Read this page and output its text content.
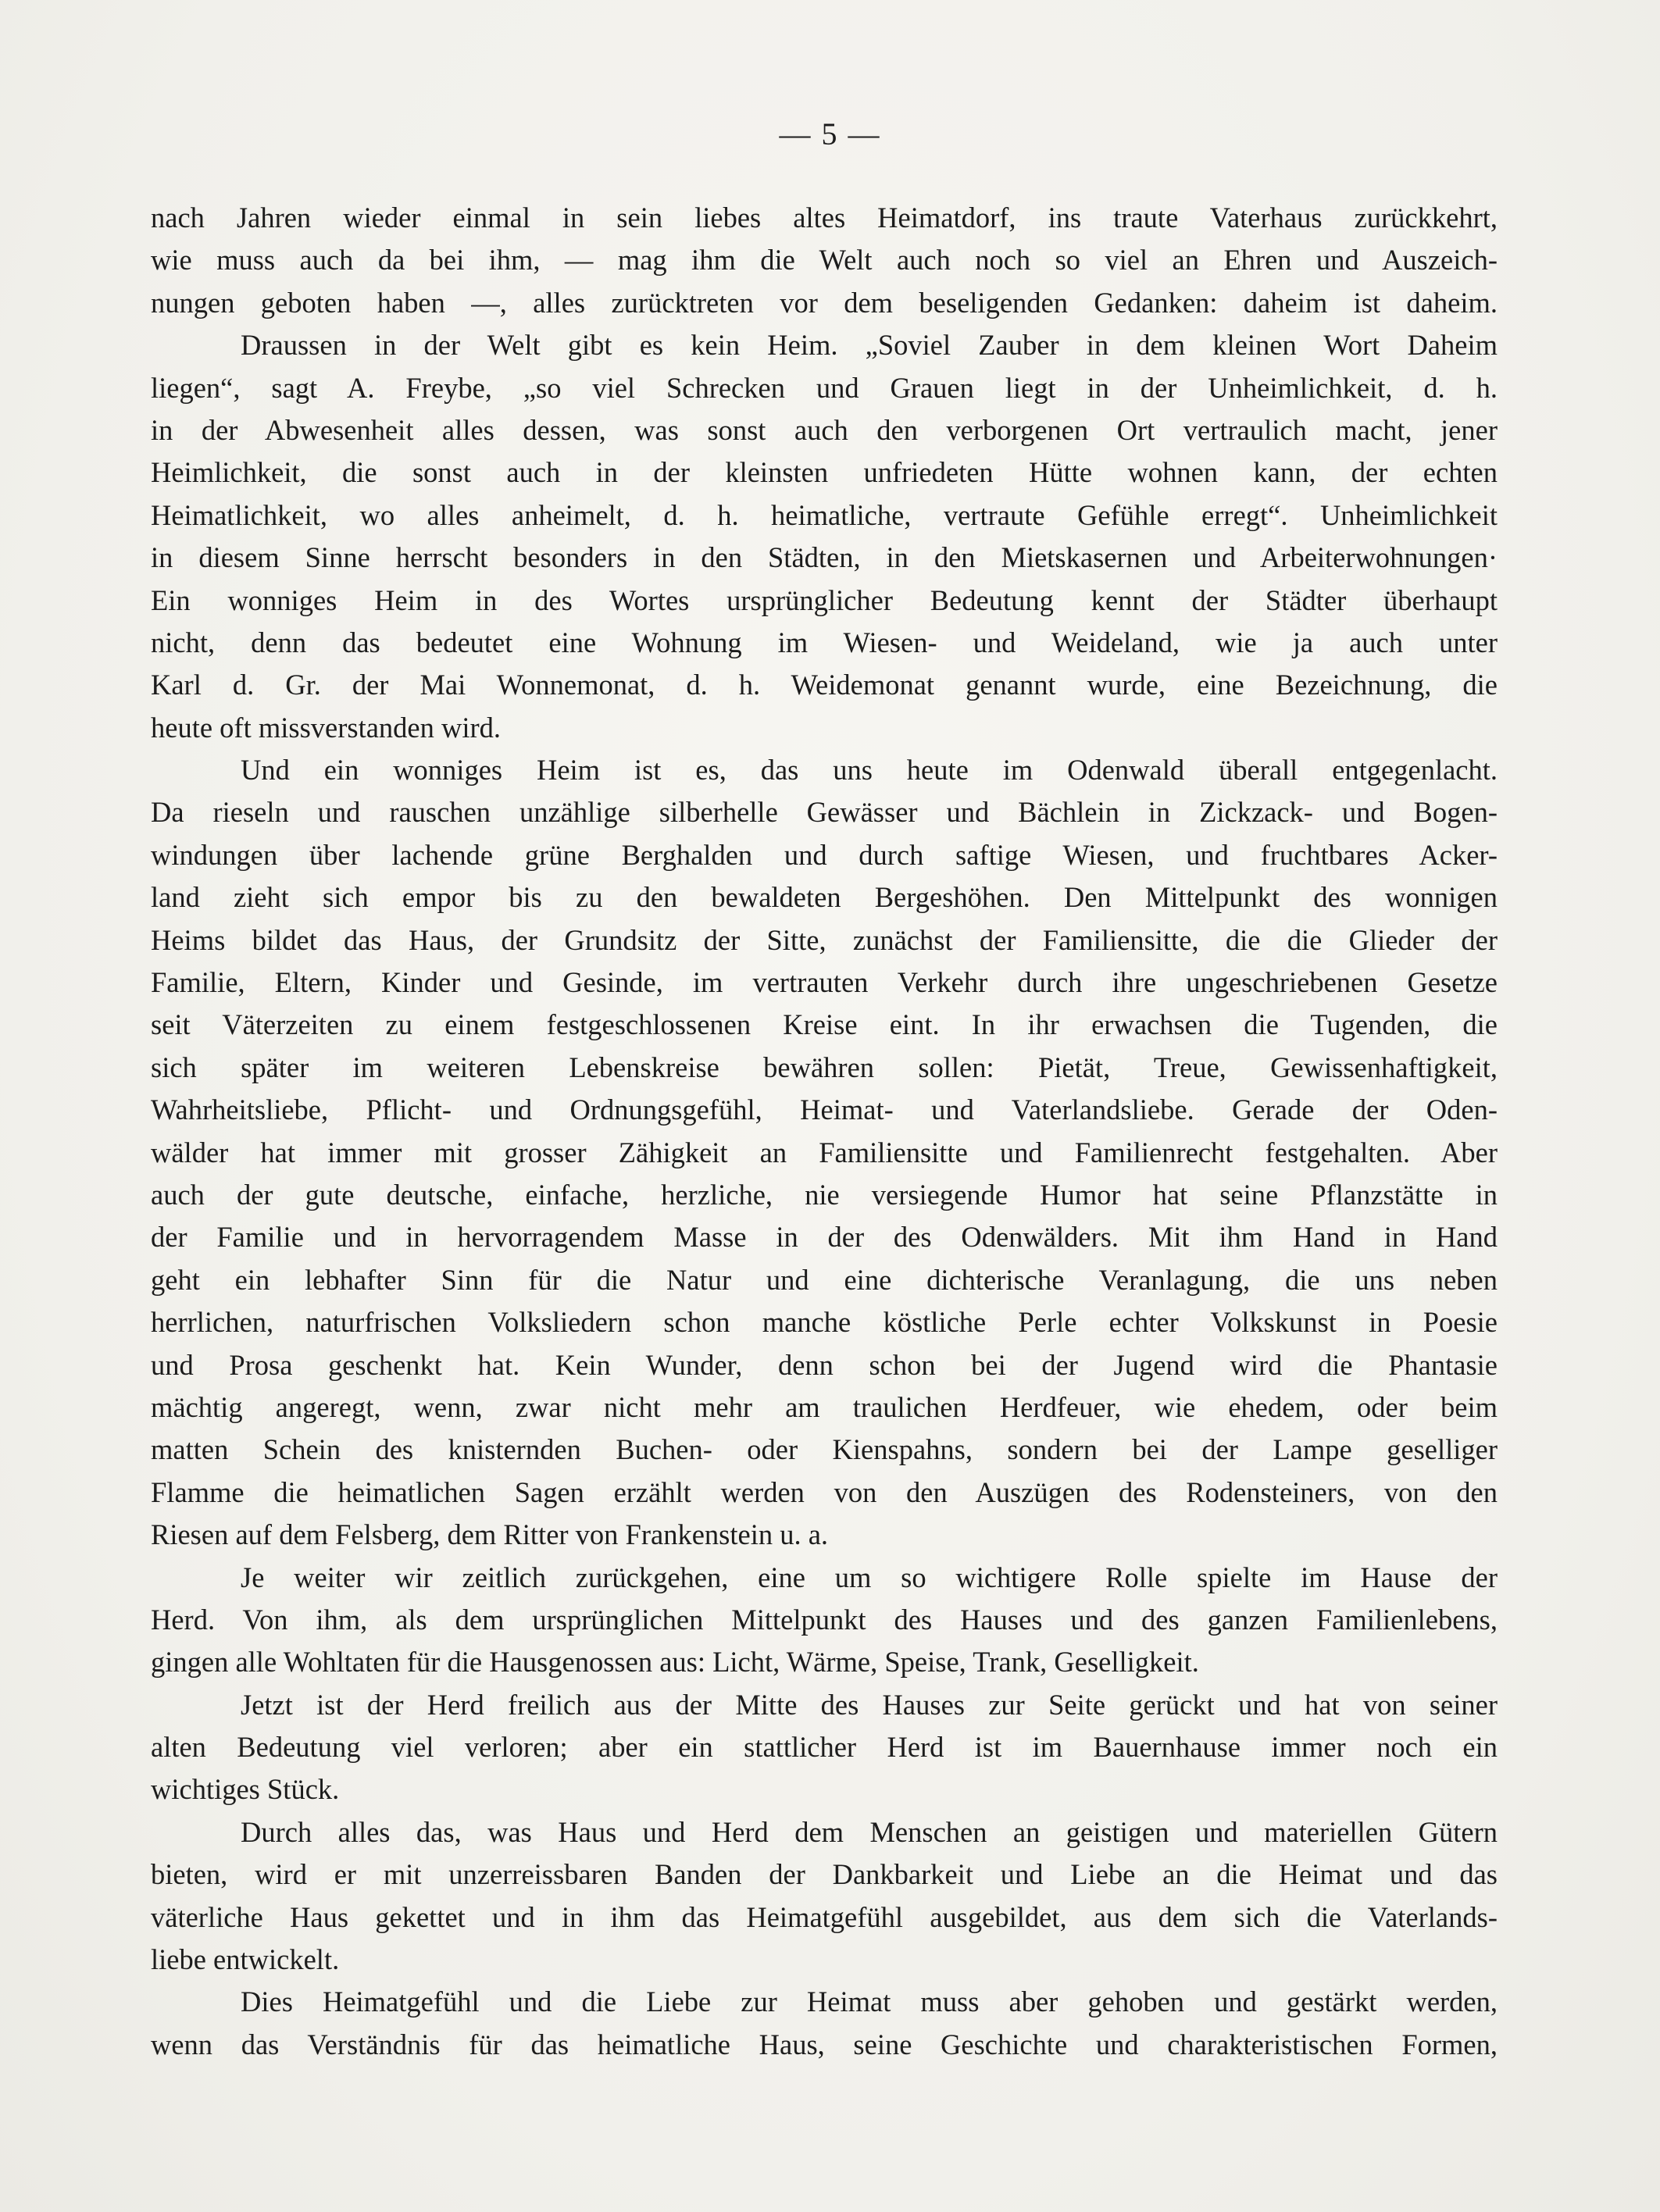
— 5 —
nach Jahren wieder einmal in sein liebes altes Heimatdorf, ins traute Vaterhaus zurückkehrt,
wie muss auch da bei ihm, — mag ihm die Welt auch noch so viel an Ehren und Auszeich-
nungen geboten haben —, alles zurücktreten vor dem beseligenden Gedanken: daheim ist daheim.
Draussen in der Welt gibt es kein Heim. „Soviel Zauber in dem kleinen Wort Daheim
liegen“, sagt A. Freybe, „so viel Schrecken und Grauen liegt in der Unheimlichkeit, d. h.
in der Abwesenheit alles dessen, was sonst auch den verborgenen Ort vertraulich macht, jener
Heimlichkeit, die sonst auch in der kleinsten unfriedeten Hütte wohnen kann, der echten
Heimatlichkeit, wo alles anheimelt, d. h. heimatliche, vertraute Gefühle erregt“. Unheimlichkeit
in diesem Sinne herrscht besonders in den Städten, in den Mietskasernen und Arbeiterwohnungen·
Ein wonniges Heim in des Wortes ursprünglicher Bedeutung kennt der Städter überhaupt
nicht, denn das bedeutet eine Wohnung im Wiesen- und Weideland, wie ja auch unter
Karl d. Gr. der Mai Wonnemonat, d. h. Weidemonat genannt wurde, eine Bezeichnung, die
heute oft missverstanden wird.
Und ein wonniges Heim ist es, das uns heute im Odenwald überall entgegenlacht.
Da rieseln und rauschen unzählige silberhelle Gewässer und Bächlein in Zickzack- und Bogen-
windungen über lachende grüne Berghalden und durch saftige Wiesen, und fruchtbares Acker-
land zieht sich empor bis zu den bewaldeten Bergeshöhen. Den Mittelpunkt des wonnigen
Heims bildet das Haus, der Grundsitz der Sitte, zunächst der Familiensitte, die die Glieder der
Familie, Eltern, Kinder und Gesinde, im vertrauten Verkehr durch ihre ungeschriebenen Gesetze
seit Väterzeiten zu einem festgeschlossenen Kreise eint. In ihr erwachsen die Tugenden, die
sich später im weiteren Lebenskreise bewähren sollen: Pietät, Treue, Gewissenhaftigkeit,
Wahrheitsliebe, Pflicht- und Ordnungsgefühl, Heimat- und Vaterlandsliebe. Gerade der Oden-
wälder hat immer mit grosser Zähigkeit an Familiensitte und Familienrecht festgehalten. Aber
auch der gute deutsche, einfache, herzliche, nie versiegende Humor hat seine Pflanzstätte in
der Familie und in hervorragendem Masse in der des Odenwälders. Mit ihm Hand in Hand
geht ein lebhafter Sinn für die Natur und eine dichterische Veranlagung, die uns neben
herrlichen, naturfrischen Volksliedern schon manche köstliche Perle echter Volkskunst in Poesie
und Prosa geschenkt hat. Kein Wunder, denn schon bei der Jugend wird die Phantasie
mächtig angeregt, wenn, zwar nicht mehr am traulichen Herdfeuer, wie ehedem, oder beim
matten Schein des knisternden Buchen- oder Kienspahns, sondern bei der Lampe geselliger
Flamme die heimatlichen Sagen erzählt werden von den Auszügen des Rodensteiners, von den
Riesen auf dem Felsberg, dem Ritter von Frankenstein u. a.
Je weiter wir zeitlich zurückgehen, eine um so wichtigere Rolle spielte im Hause der
Herd. Von ihm, als dem ursprünglichen Mittelpunkt des Hauses und des ganzen Familienlebens,
gingen alle Wohltaten für die Hausgenossen aus: Licht, Wärme, Speise, Trank, Geselligkeit.
Jetzt ist der Herd freilich aus der Mitte des Hauses zur Seite gerückt und hat von seiner
alten Bedeutung viel verloren; aber ein stattlicher Herd ist im Bauernhause immer noch ein
wichtiges Stück.
Durch alles das, was Haus und Herd dem Menschen an geistigen und materiellen Gütern
bieten, wird er mit unzerreissbaren Banden der Dankbarkeit und Liebe an die Heimat und das
väterliche Haus gekettet und in ihm das Heimatgefühl ausgebildet, aus dem sich die Vaterlands-
liebe entwickelt.
Dies Heimatgefühl und die Liebe zur Heimat muss aber gehoben und gestärkt werden,
wenn das Verständnis für das heimatliche Haus, seine Geschichte und charakteristischen Formen,
